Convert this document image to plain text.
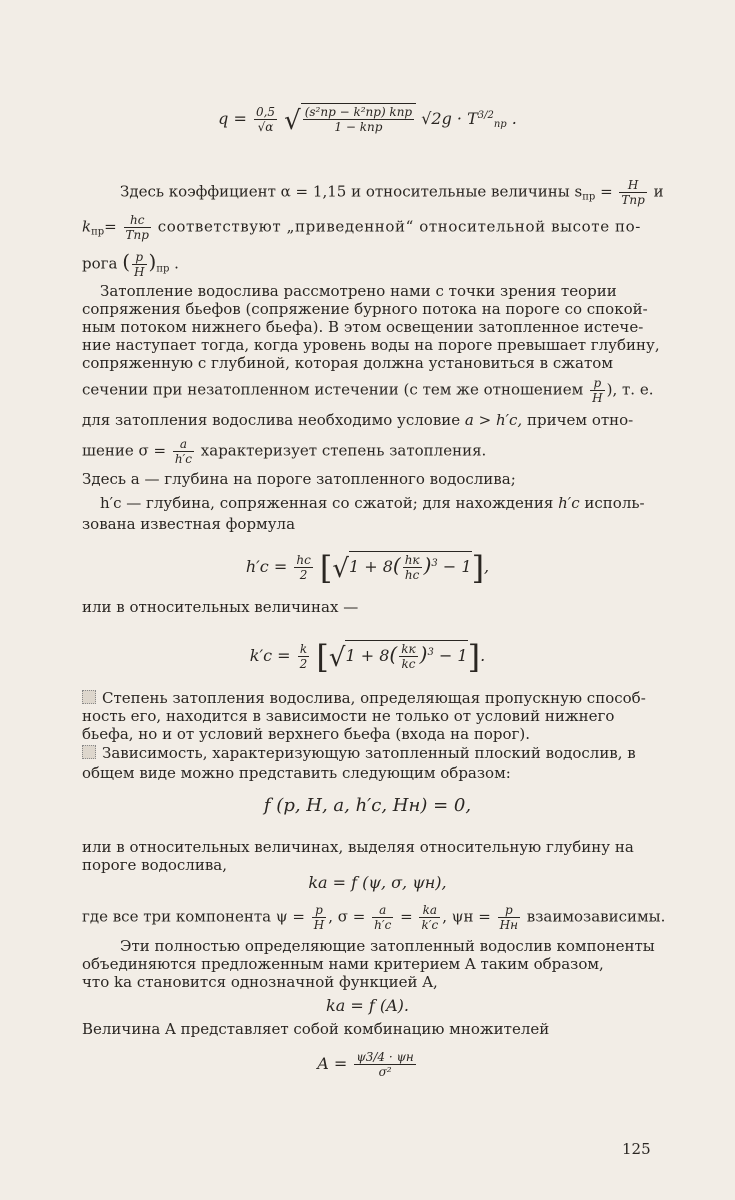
$q = \frac{0,5}{√\alpha}$ √ $\frac{\text{(s²пр − k²пр) kпр}}{\text{1 − kпр}} √2g \cdot T^{3/2}_{пр}$ .
Здесь коэффициент α = 1,15 и относительные величины $s_{пр} = \frac{H}{\text{Tпр}}$ и
$k_{пр}= \frac{hc}{\text{Tпр}}$ соответствуют „приведенной“ относительной высоте по-
рога ( $\frac{p}{H} )_{пр}$ .
Затопление водослива рассмотрено нами с точки зрения теории
сопряжения бьефов (сопряжение бурного потока на пороге со спокой-
ным потоком нижнего бьефа). В этом освещении затопленное истече-
ние наступает тогда, когда уровень воды на пороге превышает глубину,
сопряженную с глубиной, которая должна установиться в сжатом
сечении при незатопленном истечении (с тем же отношением $\frac{p}{H}$ ), т. е.
для затопления водослива необходимо условие a > h′c, причем отно-
шение $\sigma = \frac{a}{h'c}$ характеризует степень затопления.
Здесь a — глубина на пороге затопленного водослива;
h′c — глубина, сопряженная со сжатой; для нахождения h′c исполь-
зована известная формула
$h'c = \frac{hc}{2} [√1 + 8( \frac{hк}{hc} )^3 - 1]$,
или в относительных величинах —
$k'c = \frac{k}{2} [√1 + 8( \frac{kк}{kc} )^3 - 1]$.
Степень затопления водослива, определяющая пропускную способ-
ность его, находится в зависимости не только от условий нижнего
бьефа, но и от условий верхнего бьефа (входа на порог).
Зависимость, характеризующую затопленный плоский водослив, в
общем виде можно представить следующим образом:
f (p, H, a, h′c, Hн) = 0,
или в относительных величинах, выделяя относительную глубину на
пороге водослива,
ka = f (ψ, σ, ψн),
где все три компонента $\psi = \frac{p}{H}$ , $\sigma = \frac{a}{h'c} = \frac{ka}{k'c}$ , $\psi н = \frac{p}{Hн}$ взаимозависимы.
Эти полностью определяющие затопленный водослив компоненты
объединяются предложенным нами критерием A таким образом,
что ka становится однозначной функцией A,
ka = f (A).
Величина A представляет собой комбинацию множителей
$A = \frac{\psi 3/4 \cdot \psi н}{\text{σ²}}$
125
